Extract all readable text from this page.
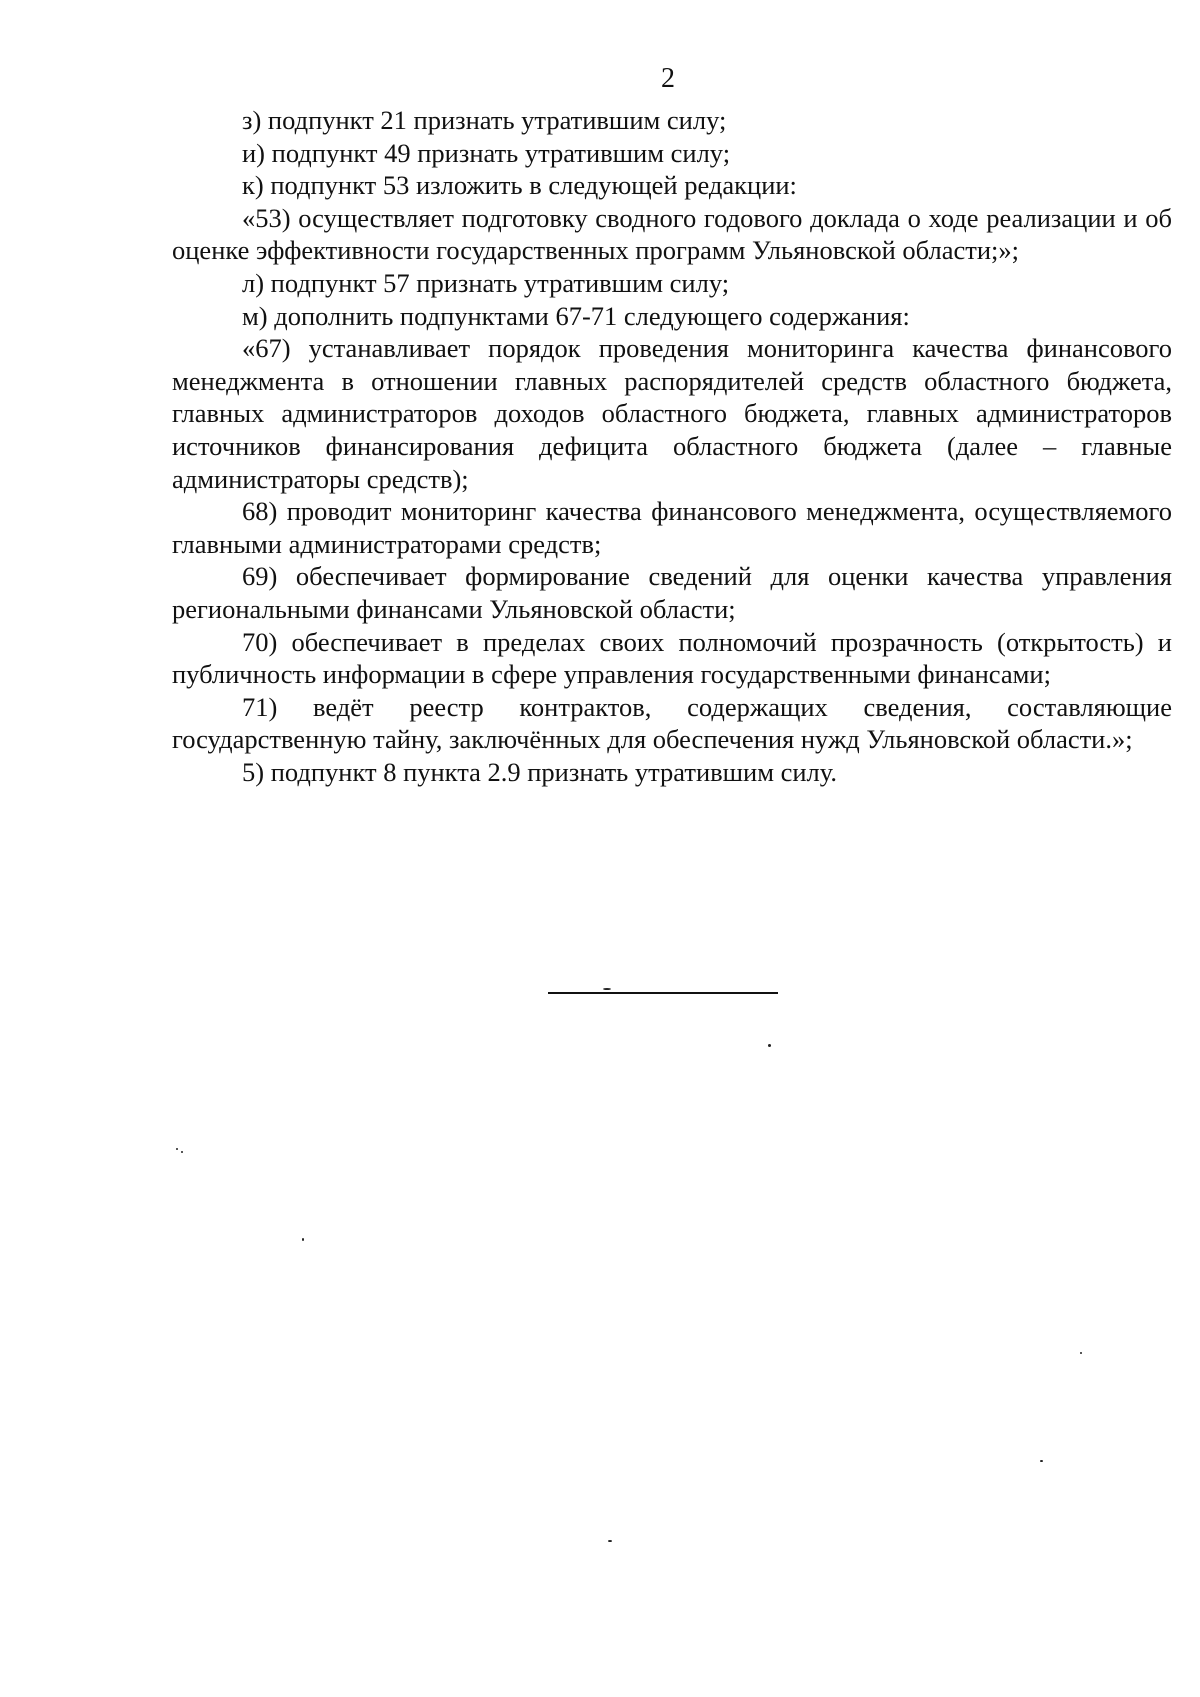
2

з) подпункт 21 признать утратившим силу;

и) подпункт 49 признать утратившим силу;

к) подпункт 53 изложить в следующей редакции:

«53) осуществляет подготовку сводного годового доклада о ходе реализации и об оценке эффективности государственных программ Ульяновской области;»;

л) подпункт 57 признать утратившим силу;

м) дополнить подпунктами 67-71 следующего содержания:

«67) устанавливает порядок проведения мониторинга качества финансового менеджмента в отношении главных распорядителей средств областного бюджета, главных администраторов доходов областного бюджета, главных администраторов источников финансирования дефицита областного бюджета (далее – главные администраторы средств);

68) проводит мониторинг качества финансового менеджмента, осуществляемого главными администраторами средств;

69) обеспечивает формирование сведений для оценки качества управления региональными финансами Ульяновской области;

70) обеспечивает в пределах своих полномочий прозрачность (открытость) и публичность информации в сфере управления государственными финансами;

71) ведёт реестр контрактов, содержащих сведения, составляющие государственную тайну, заключённых для обеспечения нужд Ульяновской области.»;

5) подпункт 8 пункта 2.9 признать утратившим силу.
